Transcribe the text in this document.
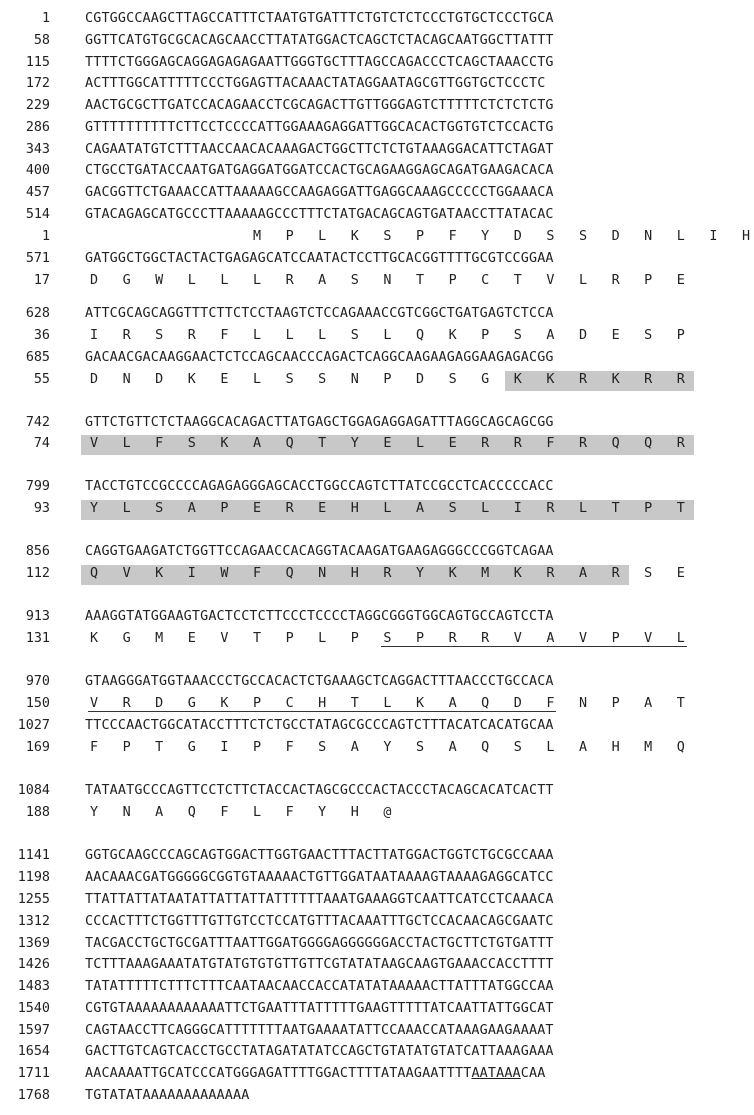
1	CGTGGCCAAGCTTAGCCATTTCTAATGTGATTTCTGTCTCTCCCTGTGCTCCCTGCA
58	GGTTCATGTGCGCACAGCAACCTTATATGGACTCAGCTCTACAGCAATGGCTTATTT
115	TTTTCTGGGAGCAGGAGAGAGAATTGGGTGCTTTAGCCAGACCCTCAGCTAAACCTG
172	ACTTTGGCATTTTTCCCTGGAGTTACAAACTATAGGAATAGCGTTGGTGCTCCCTC
229	AACTGCGCTTGATCCACAGAACCTCGCAGACTTGTTGGGAGTCTTTTTCTCTCTCTG
286	GTTTTTTTTTTCTTCCTCCCCATTGGAAAGAGGATTGGCACACTGGTGTCTCCACTG
343	CAGAATATGTCTTTAACCAACACAAAGACTGGCTTCTCTGTAAAGGACATTCTAGAT
400	CTGCCTGATACCAATGATGAGGATGGATCCACTGCAGAAGGAGCAGATGAAGACACA
457	GACGGTTCTGAAACCATTAAAAAGCCAAGAGGATTGAGGCAAAGCCCCCTGGAAACA
514	GTACAGAGCATGCCCTTAAAAAGCCCTTTCTATGACAGCAGTGATAACCTTATACAC
1	M P L K S P F Y D S S D N L I H
571	GATGGCTGGCTACTACTGAGAGCATCCAATACTCCTTGCACGGTTTTGCGTCCGGAA
17	D G W L L L R A S N T P C T V L R P E
628	ATTCGCAGCAGGTTTCTTCTCCTAAGTCTCCAGAAACCGTCGGCTGATGAGTCTCCA
36	I R S R F L L L S L Q K P S A D E S P
685	GACAACGACAAGGAACTCTCCAGCAACCCAGACTCAGGCAAGAAGAGGAAGAGACGG
55	D N D K E L S S N P D S G K K R K R R
742	GTTCTGTTCTCTAAGGCACAGACTTATGAGCTGGAGAGGAGATTTAGGCAGCAGCGG
74	V L F S K A Q T Y E L E R R F R Q Q R
799	TACCTGTCCGCCCCAGAGAGGGAGCACCTGGCCAGTCTTATCCGCCTCACCCCCACC
93	Y L S A P E R E H L A S L I R L T P T
856	CAGGTGAAGATCTGGTTCCAGAACCACAGGTACAAGATGAAGAGGGCCCGGTCAGAA
112	Q V K I W F Q N H R Y K M K R A R S E
913	AAAGGTATGGAAGTGACTCCTCTTCCCTCCCCTAGGCGGGTGGCAGTGCCAGTCCTA
131	K G M E V T P L P S P R R V A V P V L
970	GTAAGGGATGGTAAACCCTGCCACACTCTGAAAGCTCAGGACTTTAACCCTGCCACA
150	V R D G K P C H T L K A Q D F N P A T
1027	TTCCCAACTGGCATACCTTTCTCTGCCTATAGCGCCCAGTCTTTACATCACATGCAA
169	F P T G I P F S A Y S A Q S L A H M Q
1084	TATAATGCCCAGTTCCTCTTCTACCACTAGCGCCCACTACCCTACAGCACATCACTT
188	Y N A Q F L F Y H @
1141	GGTGCAAGCCCAGCAGTGGACTTGGTGAACTTTACTTATGGACTGGTCTGCGCCAAA
1198	AACAAACGATGGGGGCGGTGTAAAAACTGTTGGATAATAAAAGTAAAAGAGGCATCC
1255	TTATTATTATAATATTATTATTATTTTTTAAATGAAAGGTCAATTCATCCTCAAACA
1312	CCCACTTTCTGGTTTGTTGTCCTCCATGTTTACAAATTTGCTCCACAACAGCGAATC
1369	TACGACCTGCTGCGATTTAATTGGATGGGGAGGGGGGACCTACTGCTTCTGTGATTT
1426	TCTTTAAAGAAATATGTATGTGTGTTGTTCGTATATAAGCAAGTGAAACCACCTTTT
1483	TATATTTTTCTTTCTTTCAATAACAACCACCATATATAAAAACTTATTTATGGCCAA
1540	CGTGTAAAAAAAAAAAATTCTGAATTTATTTTTGAAGTTTTTATCAATTATTGGCAT
1597	CAGTAACCTTCAGGGCATTTTTTTAATGAAAATATTCCAAACCATAAAGAAGAAAAT
1654	GACTTGTCAGTCACCTGCCTATAGATATATCCAGCTGTATATGTATCATTAAAGAAA
1711	AACAAAATTGCATCCCATGGGAGATTTTGGACTTTTATAAGAATTTTAATAAACAA
1768	TGTATATAAAAAAAAAAAAA
